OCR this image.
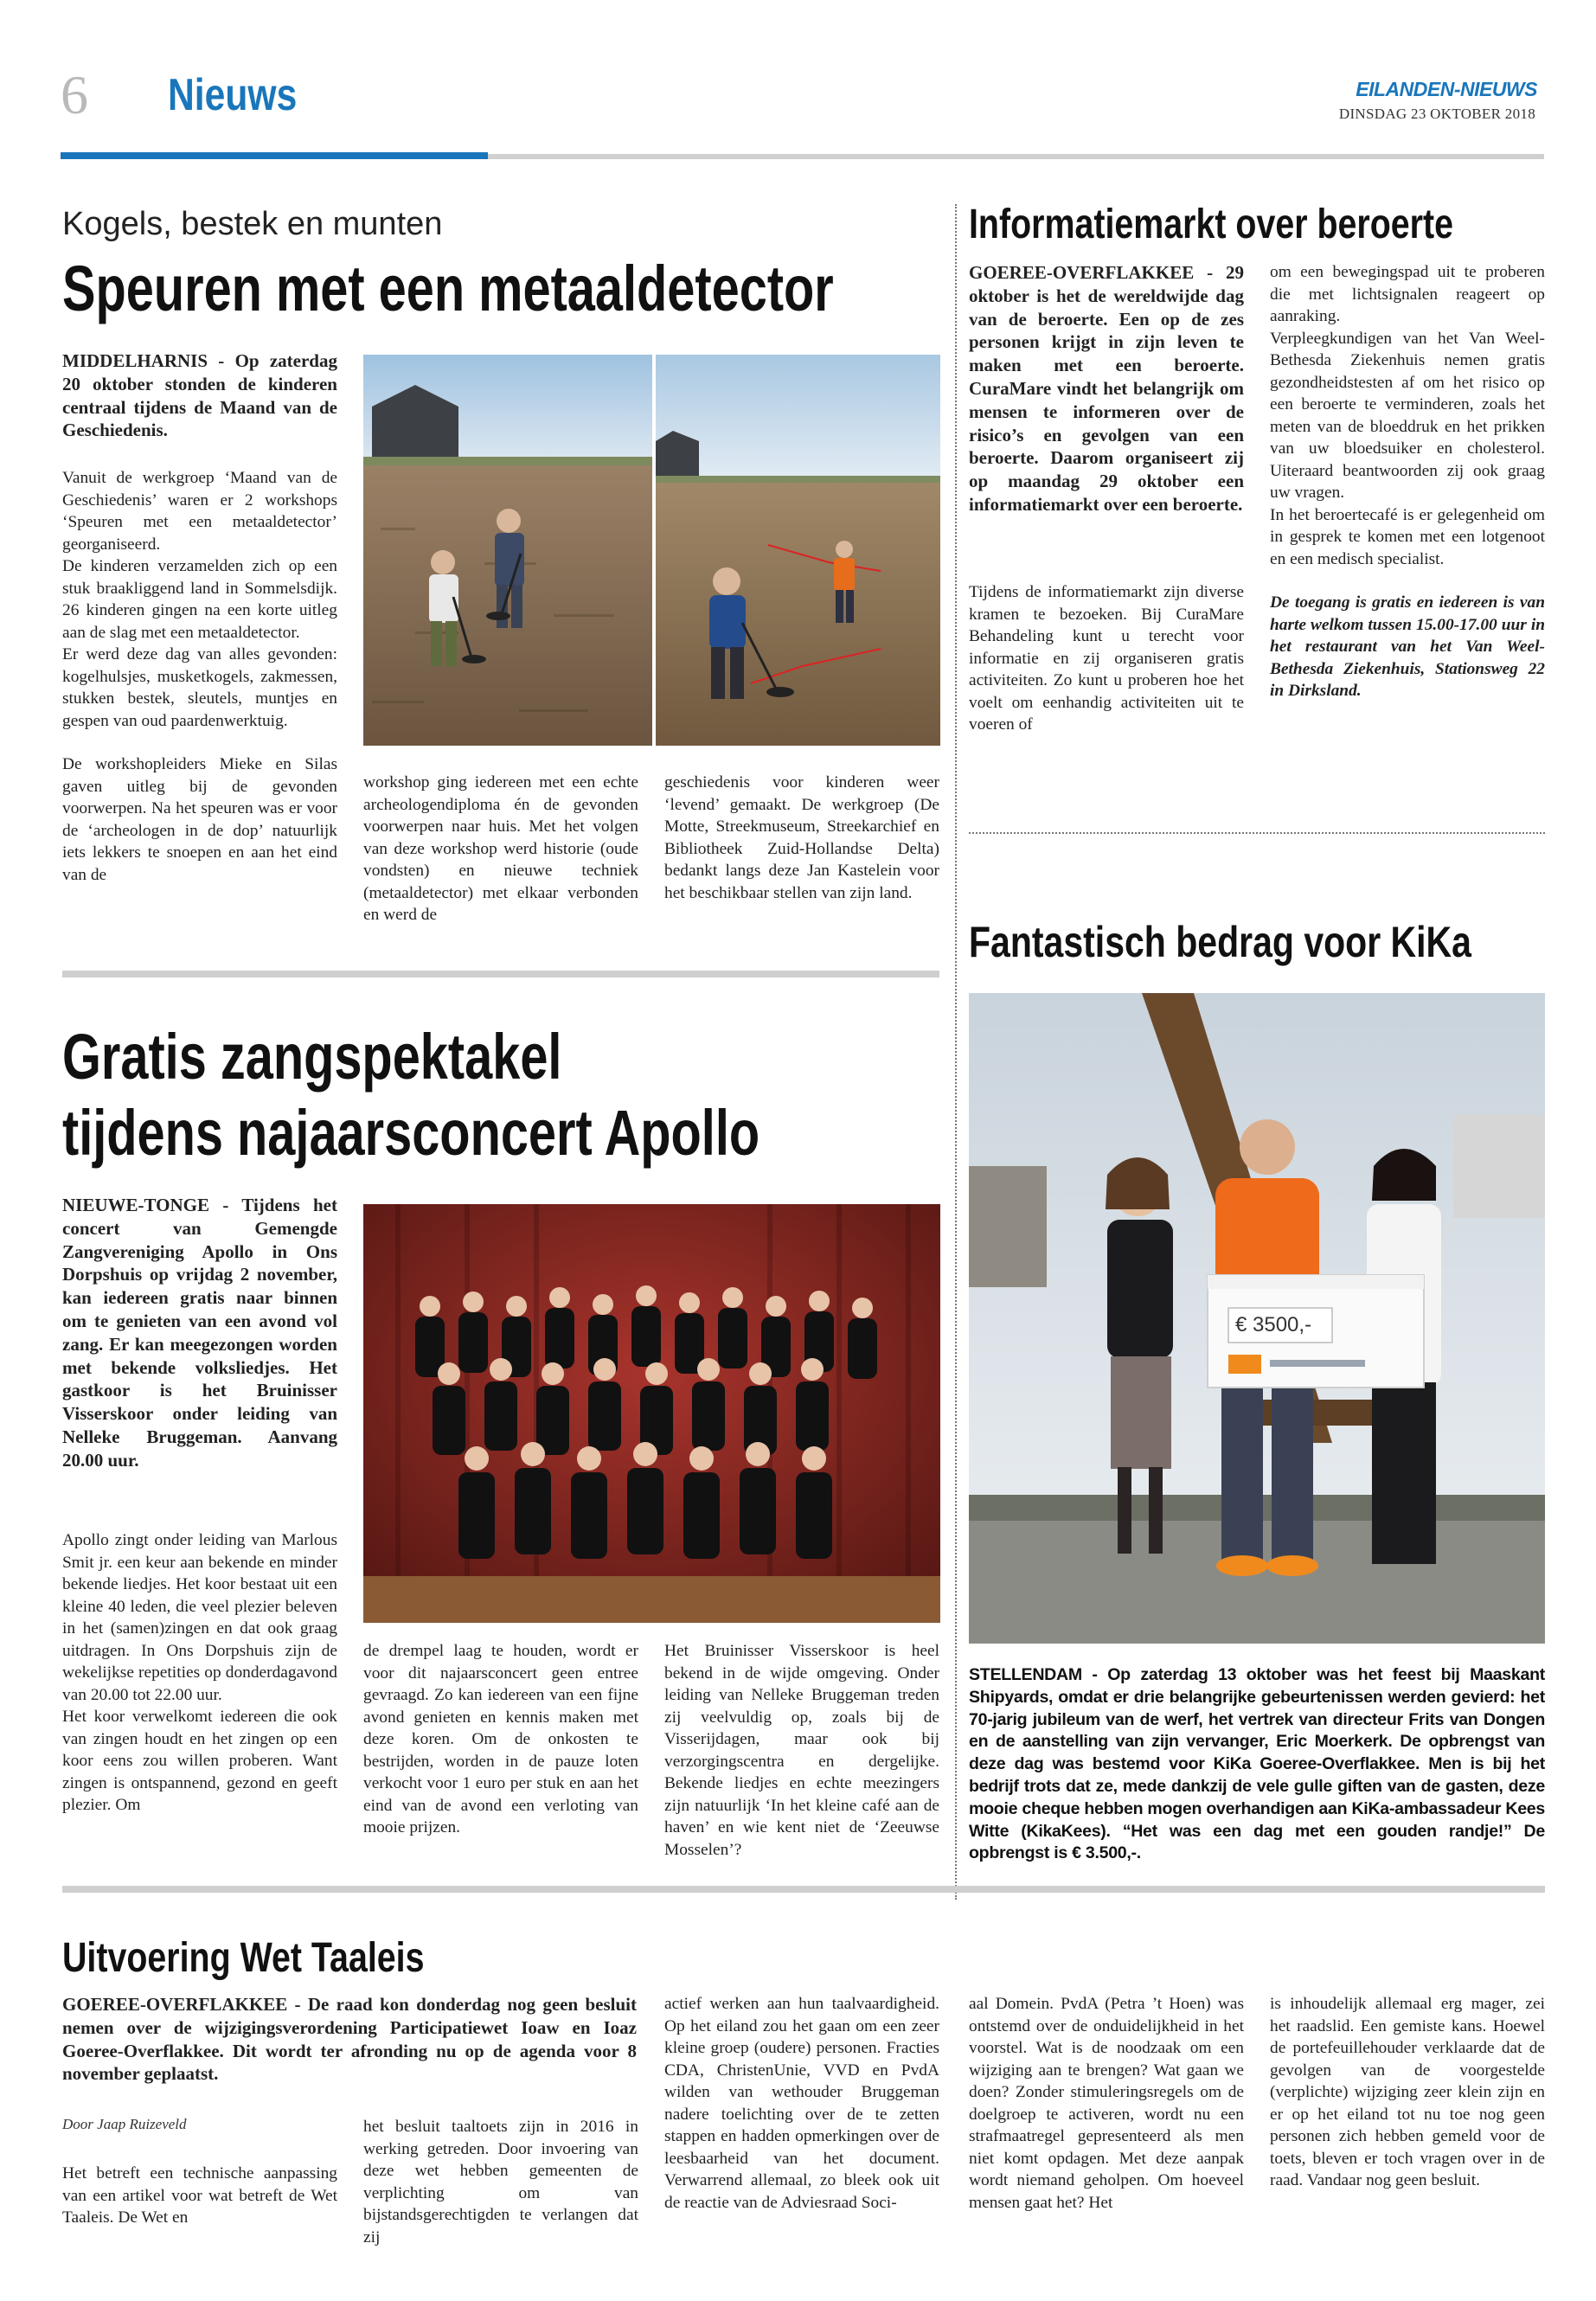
6 Nieuws	EILANDEN-NIEUWS
DINSDAG 23 OKTOBER 2018
Kogels, bestek en munten
Speuren met een metaaldetector
MIDDELHARNIS - Op zaterdag 20 oktober stonden de kinderen centraal tijdens de Maand van de Geschiedenis.

Vanuit de werkgroep ‘Maand van de Geschiedenis’ waren er 2 workshops ‘Speuren met een metaaldetector’ georganiseerd.

De kinderen verzamelden zich op een stuk braakliggend land in Sommelsdijk. 26 kinderen gingen na een korte uitleg aan de slag met een metaaldetector.

Er werd deze dag van alles gevonden: kogelhulsjes, musketkogels, zakmessen, stukken bestek, sleutels, muntjes en gespen van oud paardenwerktuig.

De workshopleiders Mieke en Silas gaven uitleg bij de gevonden voorwerpen. Na het speuren was er voor de ‘archeologen in de dop’ natuurlijk iets lekkers te snoepen en aan het eind van de

workshop ging iedereen met een echte archeologendiploma én de gevonden voorwerpen naar huis. Met het volgen van deze workshop werd historie (oude vondsten) en nieuwe techniek (metaaldetector) met elkaar verbonden en werd de
geschiedenis voor kinderen weer ‘levend’ gemaakt. De werkgroep (De Motte, Streekmuseum, Streekarchief en Bibliotheek Zuid-Hollandse Delta) bedankt langs deze Jan Kastelein voor het beschikbaar stellen van zijn land.
Gratis zangspektakel
tijdens najaarsconcert Apollo
NIEUWE-TONGE - Tijdens het concert van Gemengde Zangvereniging Apollo in Ons Dorpshuis op vrijdag 2 november, kan iedereen gratis naar binnen om te genieten van een avond vol zang. Er kan meegezongen worden met bekende volksliedjes. Het gastkoor is het Bruinisser Visserskoor onder leiding van Nelleke Bruggeman. Aanvang 20.00 uur.

Apollo zingt onder leiding van Marlous Smit jr. een keur aan bekende en minder bekende liedjes. Het koor bestaat uit een kleine 40 leden, die veel plezier beleven in het (samen)zingen en dat ook graag uitdragen. In Ons Dorpshuis zijn de wekelijkse repetities op donderdagavond van 20.00 tot 22.00 uur.

Het koor verwelkomt iedereen die ook van zingen houdt en het zingen op een koor eens zou willen proberen. Want zingen is ontspannend, gezond en geeft plezier. Om

de drempel laag te houden, wordt er voor dit najaarsconcert geen entree gevraagd. Zo kan iedereen van een fijne avond genieten en kennis maken met deze koren. Om de onkosten te bestrijden, worden in de pauze loten verkocht voor 1 euro per stuk en aan het eind van de avond een verloting van mooie prijzen.
Het Bruinisser Visserskoor is heel bekend in de wijde omgeving. Onder leiding van Nelleke Bruggeman treden zij veelvuldig op, zoals bij de Visserijdagen, maar ook bij verzorgingscentra en dergelijke. Bekende liedjes en echte meezingers zijn natuurlijk ‘In het kleine café aan de haven’ en wie kent niet de ‘Zeeuwse Mosselen’?
Informatiemarkt over beroerte
GOEREE-OVERFLAKKEE - 29 oktober is het de wereldwijde dag van de beroerte. Een op de zes personen krijgt in zijn leven te maken met een beroerte. CuraMare vindt het belangrijk om mensen te informeren over de risico’s en gevolgen van een beroerte. Daarom organiseert zij op maandag 29 oktober een informatiemarkt over een beroerte.
Tijdens de informatiemarkt zijn diverse kramen te bezoeken. Bij CuraMare Behandeling kunt u terecht voor informatie en zij organiseren gratis activiteiten. Zo kunt u proberen hoe het voelt om eenhandig activiteiten uit te voeren of

om een bewegingspad uit te proberen die met lichtsignalen reageert op aanraking.

Verpleegkundigen van het Van Weel-Bethesda Ziekenhuis nemen gratis gezondheidstesten af om het risico op een beroerte te verminderen, zoals het meten van de bloeddruk en het prikken van uw bloedsuiker en cholesterol. Uiteraard beantwoorden zij ook graag uw vragen.

In het beroertecafé is er gelegenheid om in gesprek te komen met een lotgenoot en een medisch specialist.

De toegang is gratis en iedereen is van harte welkom tussen 15.00-17.00 uur in het restaurant van het Van Weel-Bethesda Ziekenhuis, Stationsweg 22 in Dirksland.

Fantastisch bedrag voor KiKa
€ 3500,-
STELLENDAM - Op zaterdag 13 oktober was het feest bij Maaskant Shipyards, omdat er drie belangrijke gebeurtenissen werden gevierd: het 70-jarig jubileum van de werf, het vertrek van directeur Frits van Dongen en de aanstelling van zijn vervanger, Eric Moerkerk. De opbrengst van deze dag was bestemd voor KiKa Goeree-Overflakkee. Men is bij het bedrijf trots dat ze, mede dankzij de vele gulle giften van de gasten, deze mooie cheque hebben mogen overhandigen aan KiKa-ambassadeur Kees Witte (KikaKees). “Het was een dag met een gouden randje!” De opbrengst is € 3.500,-.
Uitvoering Wet Taaleis
GOEREE-OVERFLAKKEE - De raad kon donderdag nog geen besluit nemen over de wijzigingsverordening Participatiewet Ioaw en Ioaz Goeree-Overflakkee. Dit wordt ter afronding nu op de agenda voor 8 november geplaatst.
Door Jaap Ruizeveld
Het betreft een technische aanpassing van een artikel voor wat betreft de Wet Taaleis. De Wet en
het besluit taaltoets zijn in 2016 in werking getreden. Door invoering van deze wet hebben gemeenten de verplichting om van bijstandsgerechtigden te verlangen dat zij
actief werken aan hun taalvaardigheid. Op het eiland zou het gaan om een zeer kleine groep (oudere) personen. Fracties CDA, ChristenUnie, VVD en PvdA wilden van wethouder Bruggeman nadere toelichting over de te zetten stappen en hadden opmerkingen over de leesbaarheid van het document. Verwarrend allemaal, zo bleek ook uit de reactie van de Adviesraad Soci-
aal Domein. PvdA (Petra ’t Hoen) was ontstemd over de onduidelijkheid in het voorstel. Wat is de noodzaak om een wijziging aan te brengen? Wat gaan we doen? Zonder stimuleringsregels om de doelgroep te activeren, wordt nu een strafmaatregel gepresenteerd als men niet komt opdagen. Met deze aanpak wordt niemand geholpen. Om hoeveel mensen gaat het? Het
is inhoudelijk allemaal erg mager, zei het raadslid. Een gemiste kans. Hoewel de portefeuillehouder verklaarde dat de gevolgen van de voorgestelde (verplichte) wijziging zeer klein zijn en er op het eiland tot nu toe nog geen personen zich hebben gemeld voor de toets, bleven er toch vragen over in de raad. Vandaar nog geen besluit.
